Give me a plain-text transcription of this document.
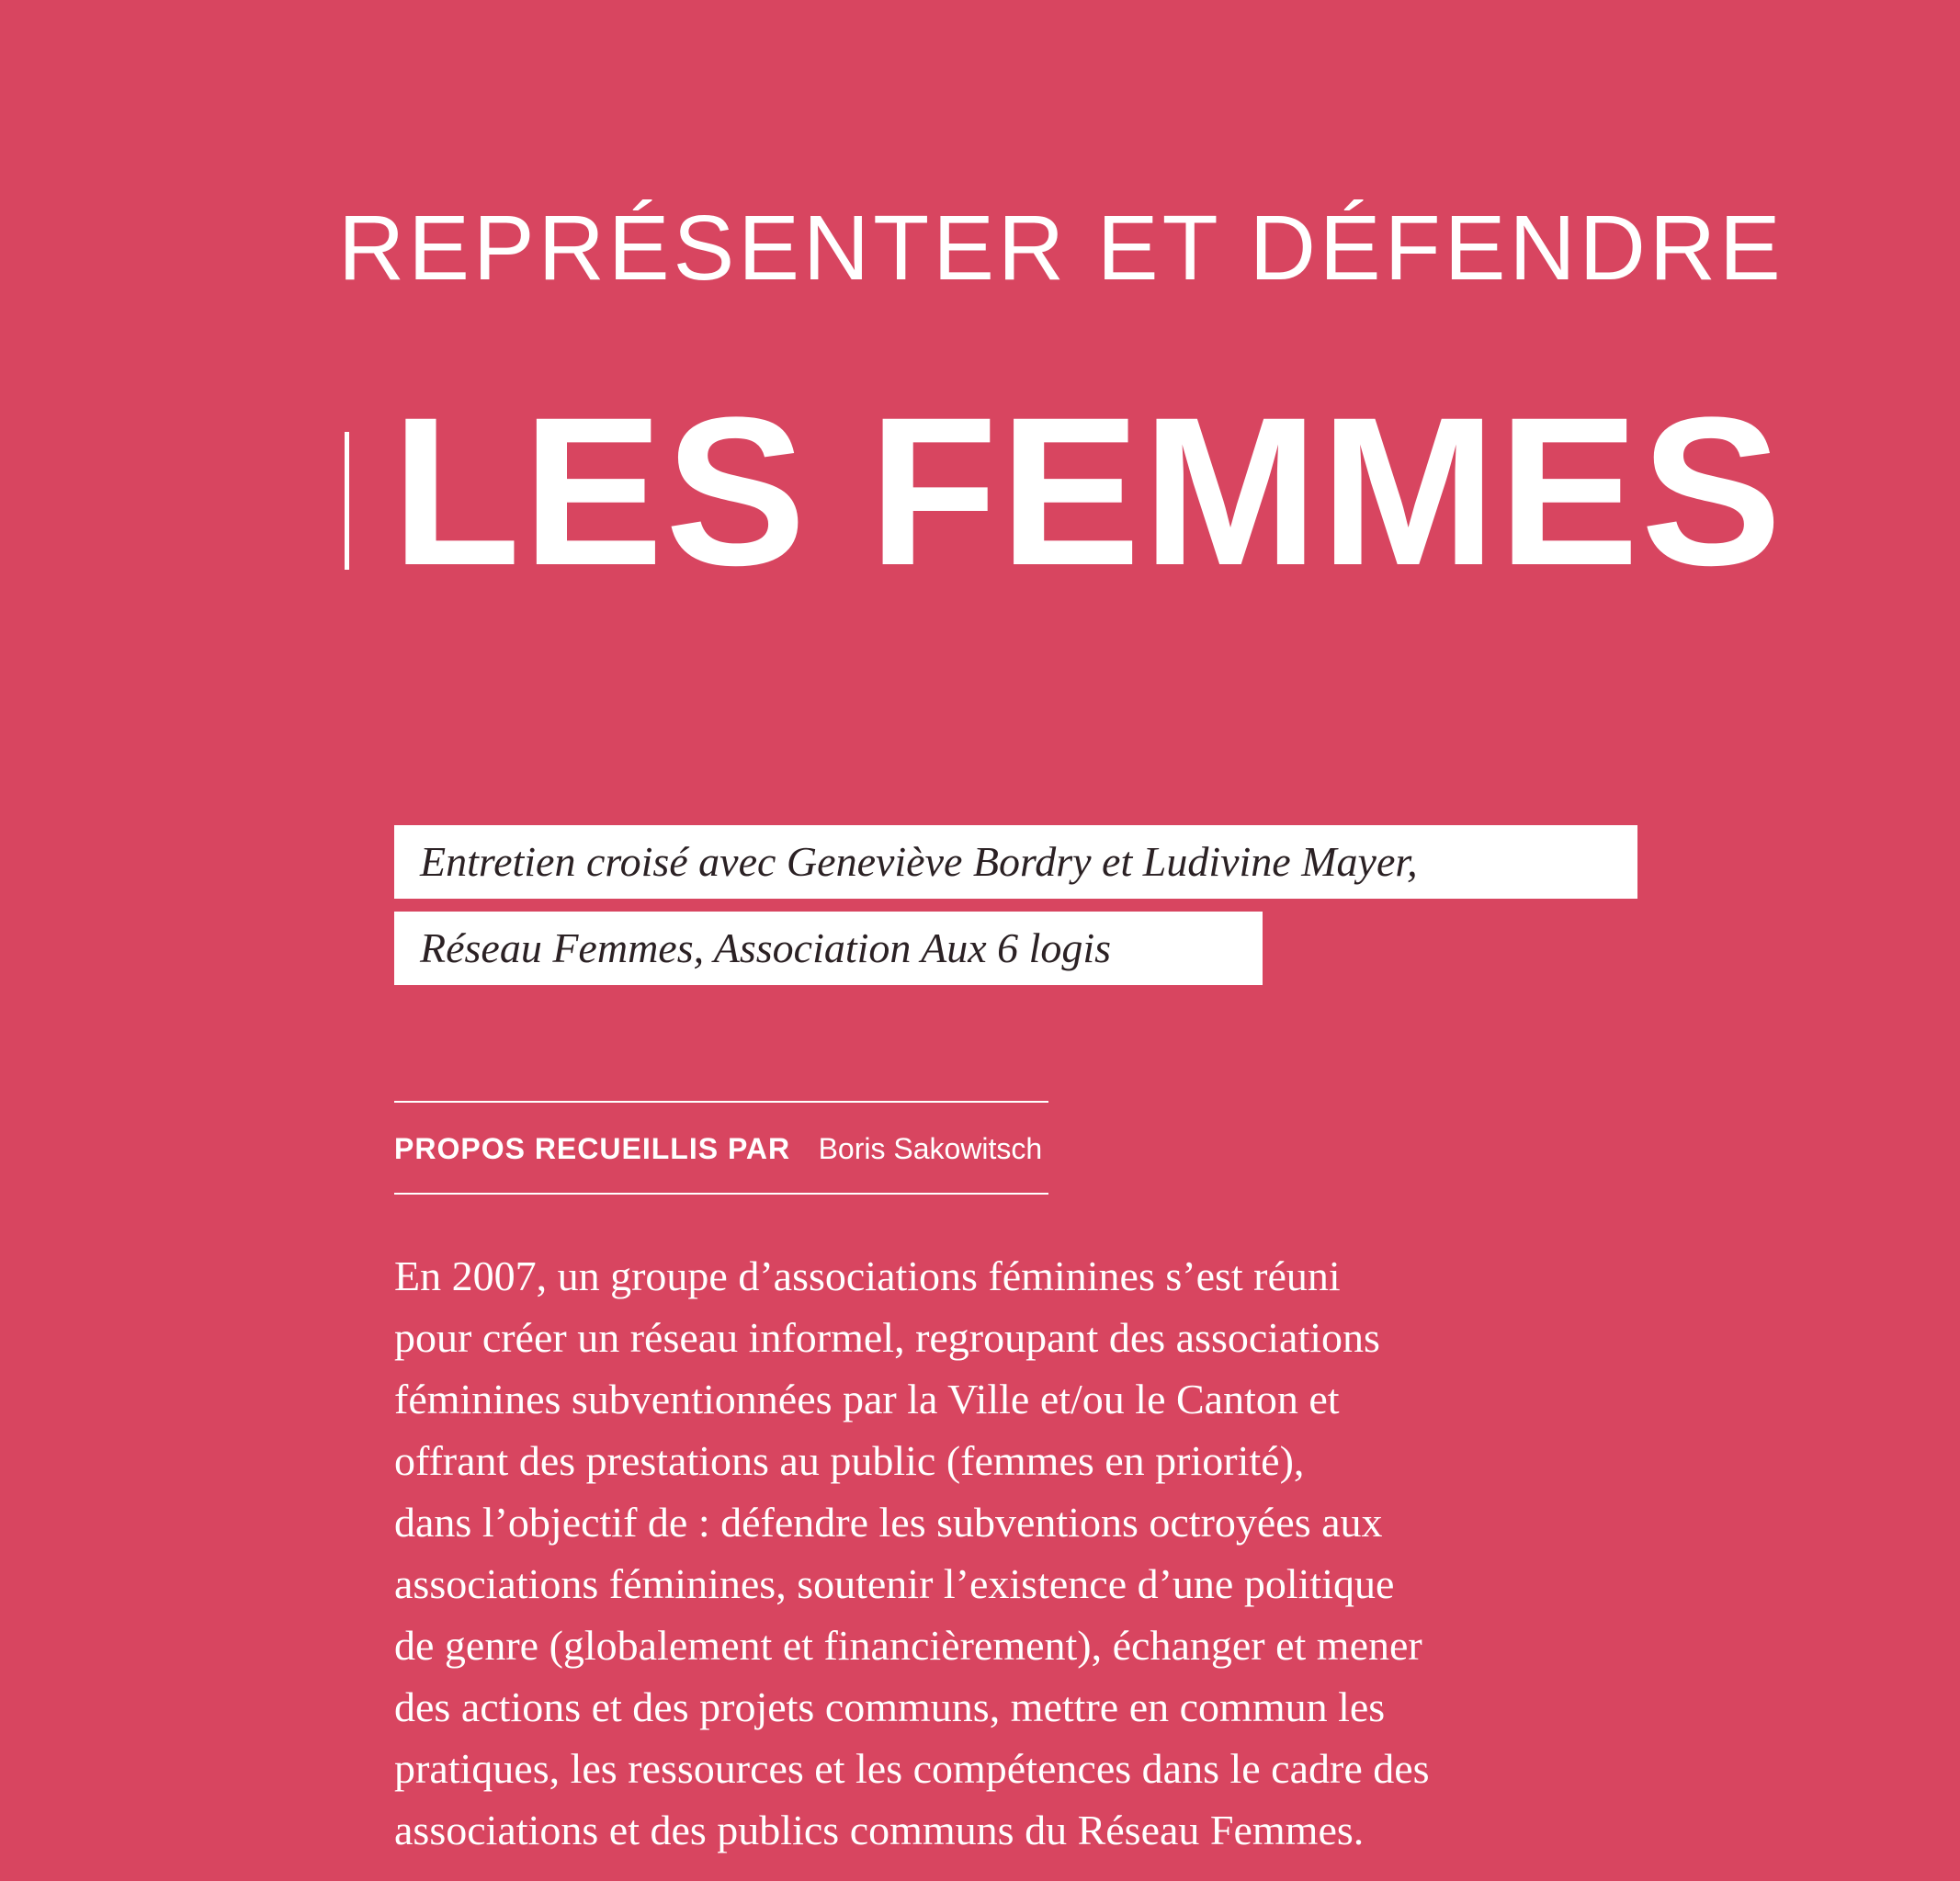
REPRÉSENTER ET DÉFENDRE
LES FEMMES
Entretien croisé avec Geneviève Bordry et Ludivine Mayer,
Réseau Femmes, Association Aux 6 logis
PROPOS RECUEILLIS PAR Boris Sakowitsch
En 2007, un groupe d’associations féminines s’est réuni
pour créer un réseau informel, regroupant des associations
féminines subventionnées par la Ville et/ou le Canton et
offrant des prestations au public (femmes en priorité),
dans l’objectif de : défendre les subventions octroyées aux
associations féminines, soutenir l’existence d’une politique
de genre (globalement et financièrement), échanger et mener
des actions et des projets communs, mettre en commun les
pratiques, les ressources et les compétences dans le cadre des
associations et des publics communs du Réseau Femmes.
